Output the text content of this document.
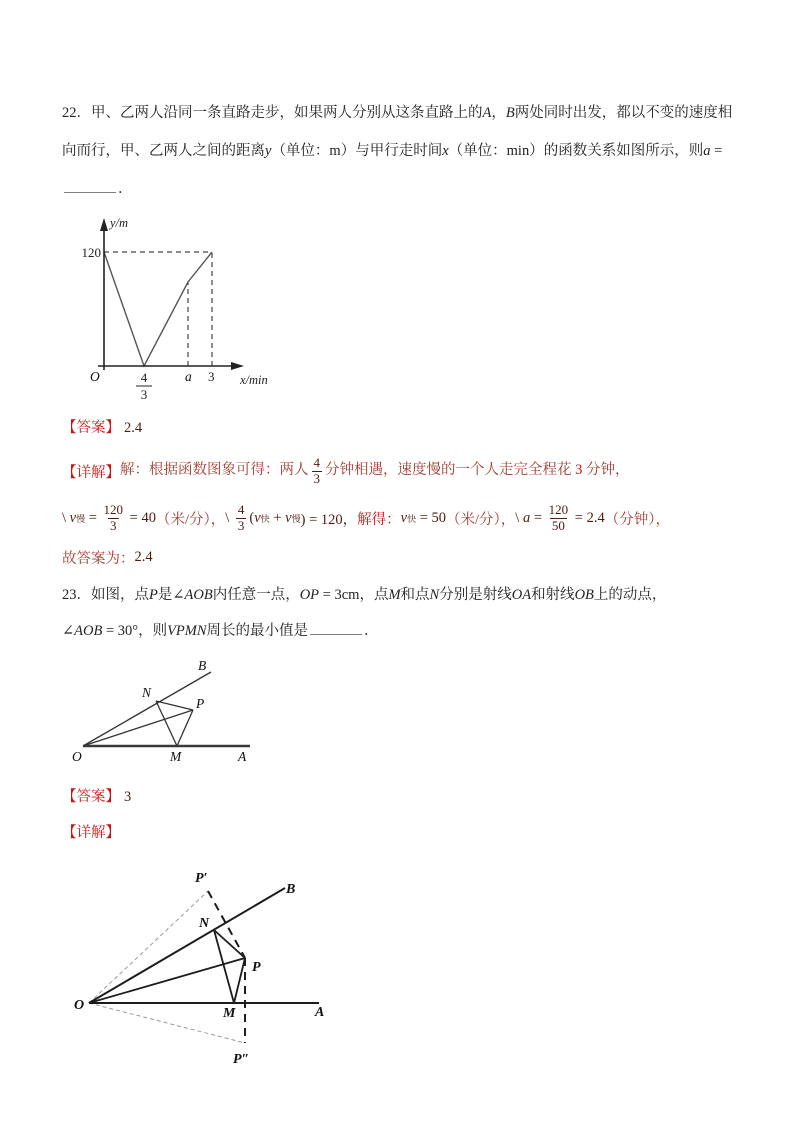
22．甲、乙两人沿同一条直路走步，如果两人分别从这条直路上的A，B两处同时出发，都以不变的速度相
向而行，甲、乙两人之间的距离y（单位：m）与甲行走时间x（单位：min）的函数关系如图所示，则a =
．
y/m
x/min
120
O	4
3
a 3
【答案】 2.4
【详解】 解：根据函数图象可得：两人 $\frac{4}{3}$ 分钟相遇，速度慢的一个人走完全程花 3 分钟，
\ v 慢 = $\frac{120}{3} = 40$ （米/分）， \ $\frac{4}{3}$ ( v 快 + v 慢 ) = 120， 解得： v 快 = 50 （米/分）， \ $a = \frac{120}{50} = 2.4$ （分钟），
故答案为： 2.4
23．如图，点P是∠AOB内任意一点，OP = 3cm，点M和点N分别是射线OA和射线OB上的动点，
∠AOB = 30°，则VPMN周长的最小值是	．
B
N
P
O	M	A
【答案】 3
【详解】
P′
B
N
P
O
M	A
P″
